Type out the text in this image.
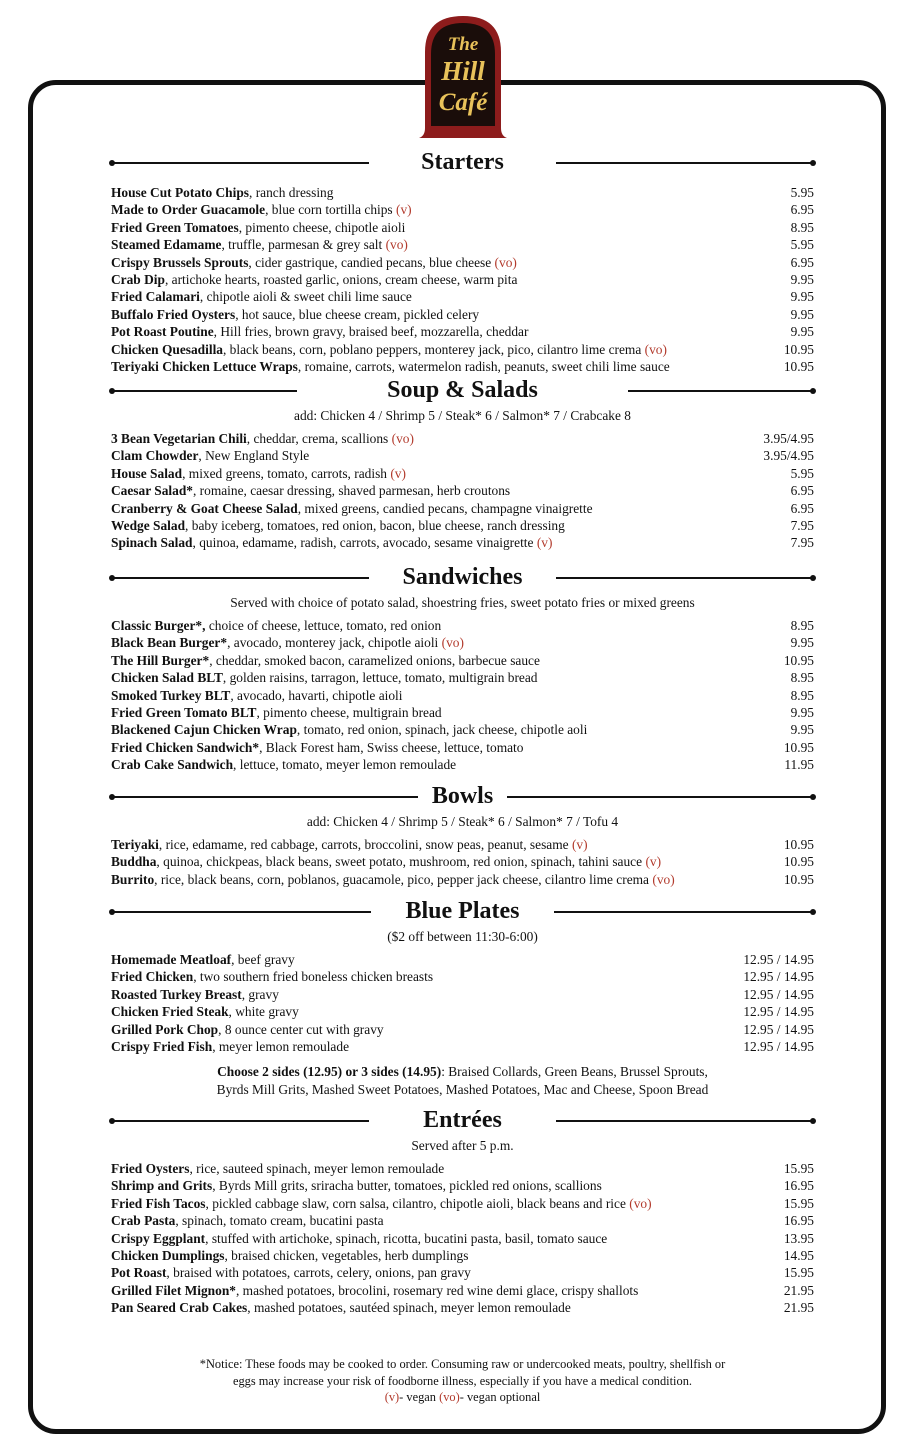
The
Hill
Café
Starters
House Cut Potato Chips, ranch dressing	5.95
Made to Order Guacamole, blue corn tortilla chips (v)	6.95
Fried Green Tomatoes, pimento cheese, chipotle aioli	8.95
Steamed Edamame, truffle, parmesan & grey salt (vo)	5.95
Crispy Brussels Sprouts, cider gastrique, candied pecans, blue cheese (vo)	6.95
Crab Dip, artichoke hearts, roasted garlic, onions, cream cheese, warm pita	9.95
Fried Calamari, chipotle aioli & sweet chili lime sauce	9.95
Buffalo Fried Oysters, hot sauce, blue cheese cream, pickled celery	9.95
Pot Roast Poutine, Hill fries, brown gravy, braised beef, mozzarella, cheddar	9.95
Chicken Quesadilla, black beans, corn, poblano peppers, monterey jack, pico, cilantro lime crema (vo)	10.95
Teriyaki Chicken Lettuce Wraps, romaine, carrots, watermelon radish, peanuts, sweet chili lime sauce	10.95
Soup & Salads
add: Chicken 4 / Shrimp 5 / Steak* 6 / Salmon* 7 / Crabcake 8
3 Bean Vegetarian Chili, cheddar, crema, scallions (vo)	3.95/4.95
Clam Chowder, New England Style	3.95/4.95
House Salad, mixed greens, tomato, carrots, radish (v)	5.95
Caesar Salad*, romaine, caesar dressing, shaved parmesan, herb croutons	6.95
Cranberry & Goat Cheese Salad, mixed greens, candied pecans, champagne vinaigrette	6.95
Wedge Salad, baby iceberg, tomatoes, red onion, bacon, blue cheese, ranch dressing	7.95
Spinach Salad, quinoa, edamame, radish, carrots, avocado, sesame vinaigrette (v)	7.95
Sandwiches
Served with choice of potato salad, shoestring fries, sweet potato fries or mixed greens
Classic Burger*, choice of cheese, lettuce, tomato, red onion	8.95
Black Bean Burger*, avocado, monterey jack, chipotle aioli (vo)	9.95
The Hill Burger*, cheddar, smoked bacon, caramelized onions, barbecue sauce	10.95
Chicken Salad BLT, golden raisins, tarragon, lettuce, tomato, multigrain bread	8.95
Smoked Turkey BLT, avocado, havarti, chipotle aioli	8.95
Fried Green Tomato BLT, pimento cheese, multigrain bread	9.95
Blackened Cajun Chicken Wrap, tomato, red onion, spinach, jack cheese, chipotle aoli	9.95
Fried Chicken Sandwich*, Black Forest ham, Swiss cheese, lettuce, tomato	10.95
Crab Cake Sandwich, lettuce, tomato, meyer lemon remoulade	11.95
Bowls
add: Chicken 4 / Shrimp 5 / Steak* 6 / Salmon* 7 / Tofu 4
Teriyaki, rice, edamame, red cabbage, carrots, broccolini, snow peas, peanut, sesame (v)	10.95
Buddha, quinoa, chickpeas, black beans, sweet potato, mushroom, red onion, spinach, tahini sauce (v)	10.95
Burrito, rice, black beans, corn, poblanos, guacamole, pico, pepper jack cheese, cilantro lime crema (vo)	10.95
Blue Plates
($2 off between 11:30-6:00)
Homemade Meatloaf, beef gravy	12.95 / 14.95
Fried Chicken, two southern fried boneless chicken breasts	12.95 / 14.95
Roasted Turkey Breast, gravy	12.95 / 14.95
Chicken Fried Steak, white gravy	12.95 / 14.95
Grilled Pork Chop, 8 ounce center cut with gravy	12.95 / 14.95
Crispy Fried Fish, meyer lemon remoulade	12.95 / 14.95
Choose 2 sides (12.95) or 3 sides (14.95): Braised Collards, Green Beans, Brussel Sprouts,
Byrds Mill Grits, Mashed Sweet Potatoes, Mashed Potatoes, Mac and Cheese, Spoon Bread
Entrées
Served after 5 p.m.
Fried Oysters, rice, sauteed spinach, meyer lemon remoulade	15.95
Shrimp and Grits, Byrds Mill grits, sriracha butter, tomatoes, pickled red onions, scallions	16.95
Fried Fish Tacos, pickled cabbage slaw, corn salsa, cilantro, chipotle aioli, black beans and rice (vo)	15.95
Crab Pasta, spinach, tomato cream, bucatini pasta	16.95
Crispy Eggplant, stuffed with artichoke, spinach, ricotta, bucatini pasta, basil, tomato sauce	13.95
Chicken Dumplings, braised chicken, vegetables, herb dumplings	14.95
Pot Roast, braised with potatoes, carrots, celery, onions, pan gravy	15.95
Grilled Filet Mignon*, mashed potatoes, brocolini, rosemary red wine demi glace, crispy shallots	21.95
Pan Seared Crab Cakes, mashed potatoes, sautéed spinach, meyer lemon remoulade	21.95
*Notice: These foods may be cooked to order. Consuming raw or undercooked meats, poultry, shellfish or
eggs may increase your risk of foodborne illness, especially if you have a medical condition.
(v)- vegan (vo)- vegan optional
